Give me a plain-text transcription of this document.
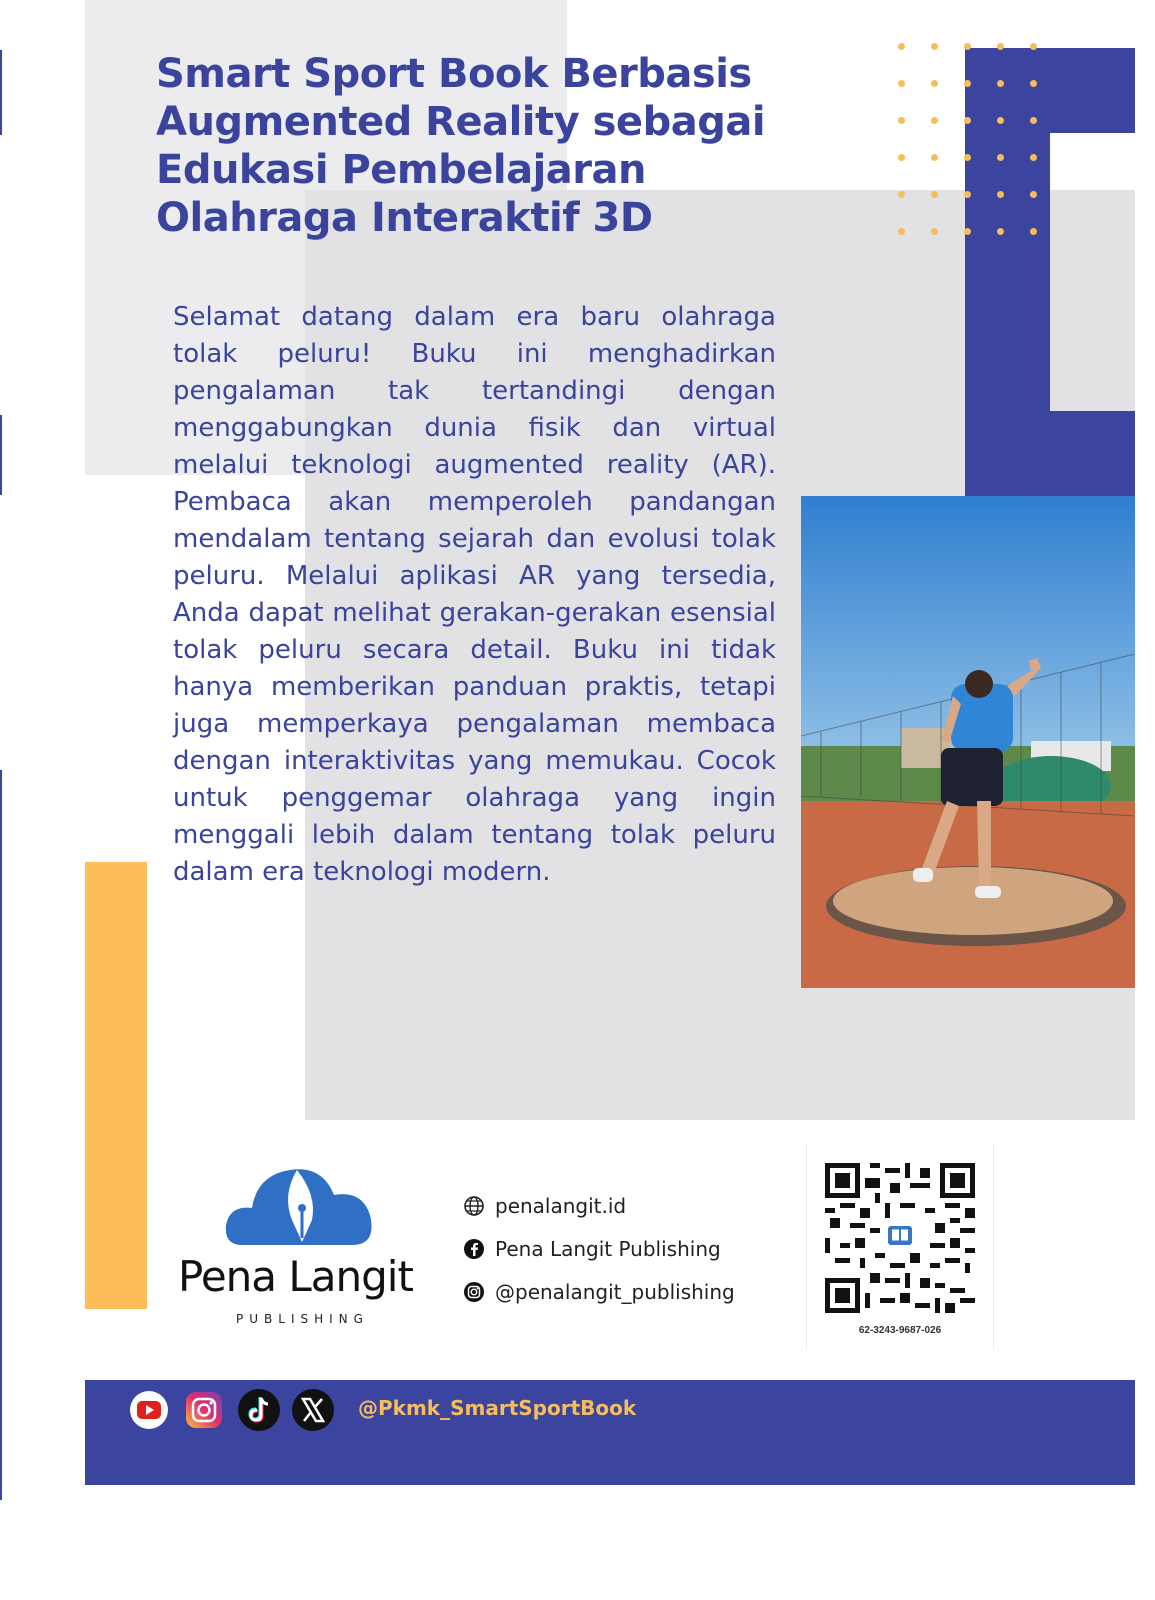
Smart Sport Book Berbasis Augmented Reality sebagai Edukasi Pembelajaran Olahraga Interaktif 3D

Selamat datang dalam era baru olahraga tolak peluru! Buku ini menghadirkan pengalaman tak tertandingi dengan menggabungkan dunia fisik dan virtual melalui teknologi augmented reality (AR). Pembaca akan memperoleh pandangan mendalam tentang sejarah dan evolusi tolak peluru. Melalui aplikasi AR yang tersedia, Anda dapat melihat gerakan-gerakan esensial tolak peluru secara detail. Buku ini tidak hanya memberikan panduan praktis, tetapi juga memperkaya pengalaman membaca dengan interaktivitas yang memukau. Cocok untuk penggemar olahraga yang ingin menggali lebih dalam tentang tolak peluru dalam era teknologi modern.

Pena Langit
PUBLISHING
penalangit.id
Pena Langit Publishing
@penalangit_publishing
62-3243-9687-026
@Pkmk_SmartSportBook
